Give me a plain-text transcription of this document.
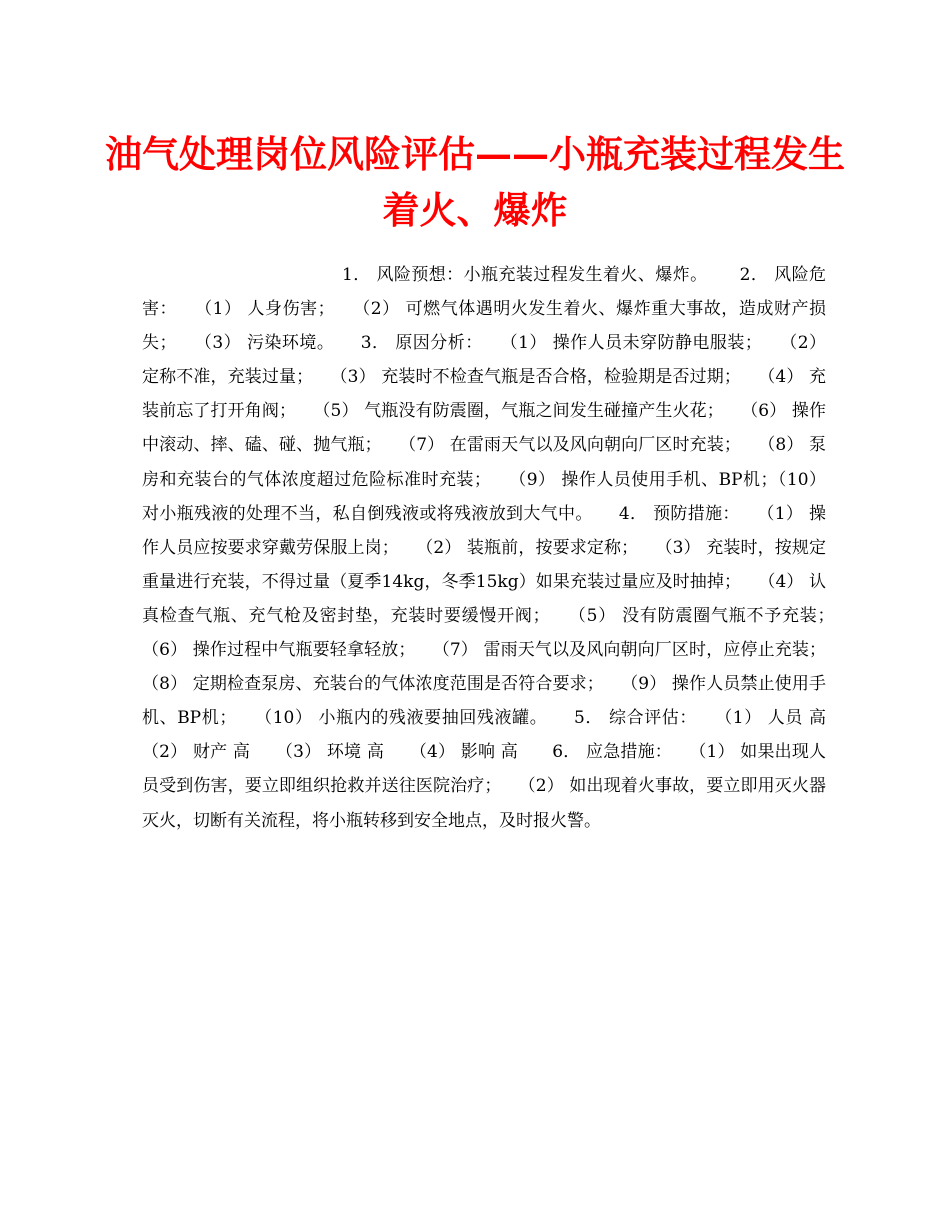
油气处理岗位风险评估——小瓶充装过程发生着火、爆炸

1． 风险预想：小瓶充装过程发生着火、爆炸。　　 2． 风险危害：　　（1） 人身伤害；　　（2） 可燃气体遇明火发生着火、爆炸重大事故，造成财产损失；　　（3） 污染环境。　　3． 原因分析：　　（1） 操作人员未穿防静电服装；　　（2） 定称不准，充装过量；　　（3） 充装时不检查气瓶是否合格，检验期是否过期；　　（4） 充装前忘了打开角阀；　　（5） 气瓶没有防震圈，气瓶之间发生碰撞产生火花；　　（6） 操作中滚动、摔、磕、碰、抛气瓶；　　（7） 在雷雨天气以及风向朝向厂区时充装；　　（8） 泵房和充装台的气体浓度超过危险标准时充装；　　（9） 操作人员使用手机、BP机；（10） 对小瓶残液的处理不当，私自倒残液或将残液放到大气中。　　4． 预防措施：　　（1） 操作人员应按要求穿戴劳保服上岗；　　（2） 装瓶前，按要求定称；　　（3） 充装时，按规定重量进行充装，不得过量（夏季14kg，冬季15kg）如果充装过量应及时抽掉；　　（4） 认真检查气瓶、充气枪及密封垫，充装时要缓慢开阀；　　（5） 没有防震圈气瓶不予充装；　　（6） 操作过程中气瓶要轻拿轻放；　　（7） 雷雨天气以及风向朝向厂区时，应停止充装；（8） 定期检查泵房、充装台的气体浓度范围是否符合要求；　　（9） 操作人员禁止使用手机、BP机；　　（10） 小瓶内的残液要抽回残液罐。　　5． 综合评估：　　（1） 人员 高　　（2） 财产 高　　（3） 环境 高　　（4） 影响 高　　6． 应急措施：　　（1） 如果出现人员受到伤害，要立即组织抢救并送往医院治疗；　　（2） 如出现着火事故，要立即用灭火器灭火，切断有关流程，将小瓶转移到安全地点，及时报火警。
